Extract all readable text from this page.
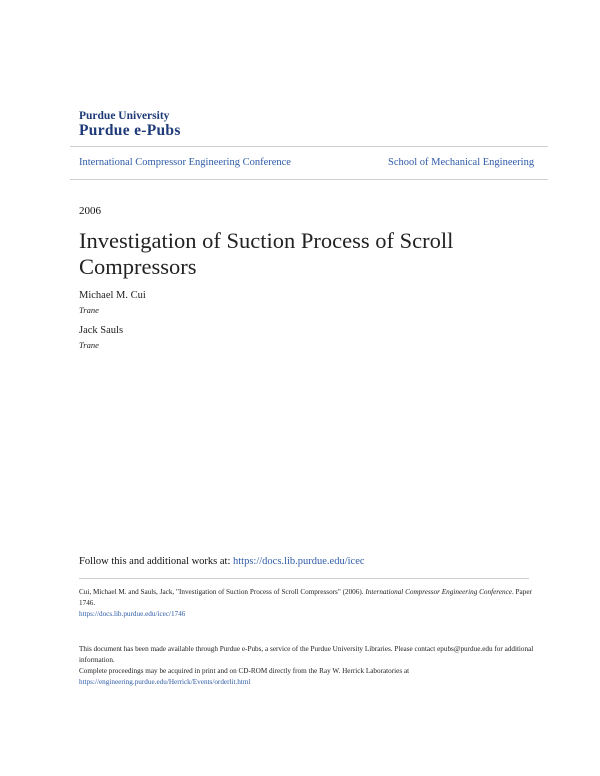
Purdue University
Purdue e-Pubs
International Compressor Engineering Conference	School of Mechanical Engineering
2006
Investigation of Suction Process of Scroll Compressors
Michael M. Cui
Trane
Jack Sauls
Trane
Follow this and additional works at: https://docs.lib.purdue.edu/icec
Cui, Michael M. and Sauls, Jack, "Investigation of Suction Process of Scroll Compressors" (2006). International Compressor Engineering Conference. Paper 1746.
https://docs.lib.purdue.edu/icec/1746
This document has been made available through Purdue e-Pubs, a service of the Purdue University Libraries. Please contact epubs@purdue.edu for additional information.
Complete proceedings may be acquired in print and on CD-ROM directly from the Ray W. Herrick Laboratories at https://engineering.purdue.edu/Herrick/Events/orderlit.html
